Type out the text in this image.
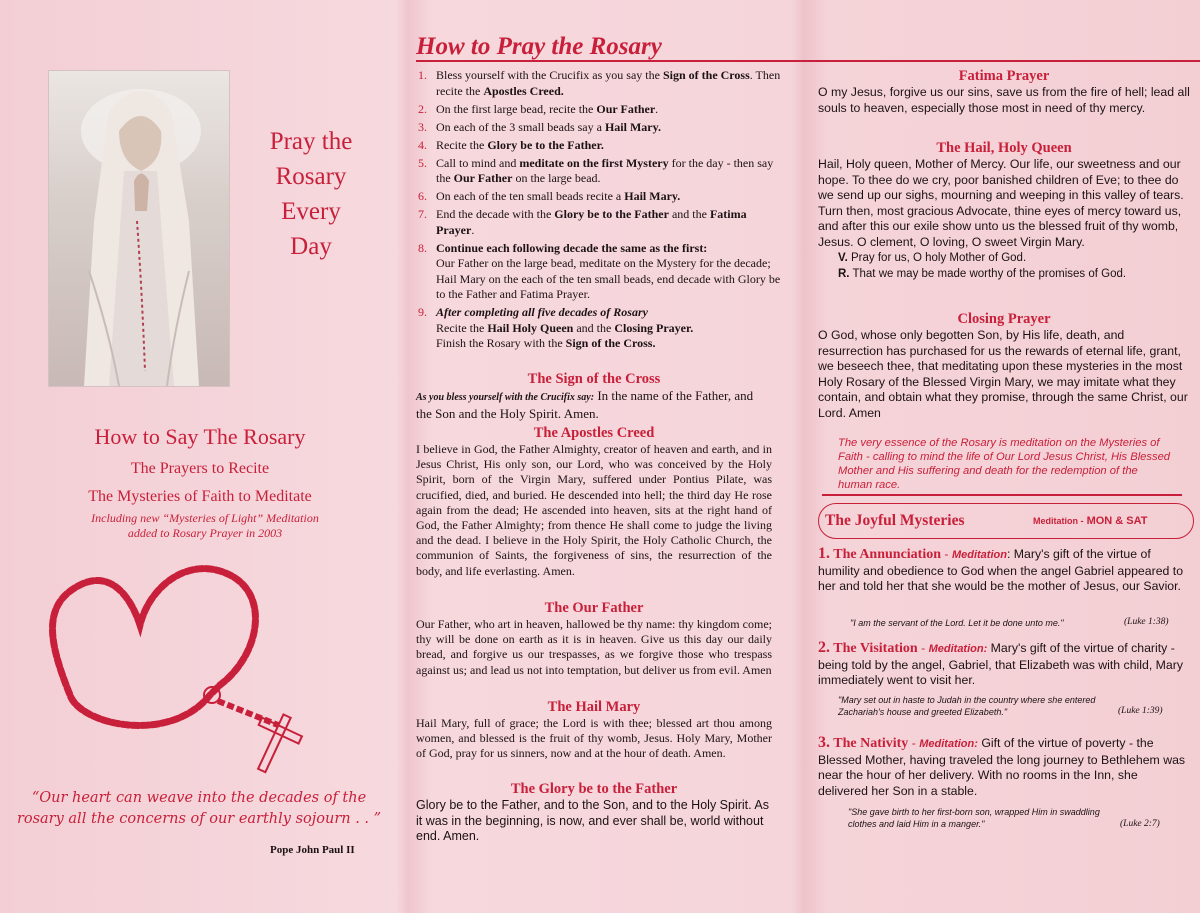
Pray the
Rosary
Every
Day
How to Say The Rosary
The Prayers to Recite
The Mysteries of Faith to Meditate
Including new “Mysteries of Light” Meditation
added to Rosary Prayer in 2003
“Our heart can weave into the decades of the
rosary all the concerns of our earthly sojourn . . ”
Pope John Paul II
How to Pray the Rosary
1. Bless yourself with the Crucifix as you say the Sign of the Cross. Then recite the Apostles Creed.
2. On the first large bead, recite the Our Father.
3. On each of the 3 small beads say a Hail Mary.
4. Recite the Glory be to the Father.
5. Call to mind and meditate on the first Mystery for the day - then say the Our Father on the large bead.
6. On each of the ten small beads recite a Hail Mary.
7. End the decade with the Glory be to the Father and the Fatima Prayer.
8. Continue each following decade the same as the first:
Our Father on the large bead, meditate on the Mystery for the decade; Hail Mary on the each of the ten small beads, end decade with Glory be to the Father and Fatima Prayer.
9. After completing all five decades of Rosary
Recite the Hail Holy Queen and the Closing Prayer.
Finish the Rosary with the Sign of the Cross.
The Sign of the Cross
As you bless yourself with the Crucifix say: In the name of the Father, and the Son and the Holy Spirit. Amen.
The Apostles Creed
I believe in God, the Father Almighty, creator of heaven and earth, and in Jesus Christ, His only son, our Lord, who was conceived by the Holy Spirit, born of the Virgin Mary, suffered under Pontius Pilate, was crucified, died, and buried. He descended into hell; the third day He rose again from the dead; He ascended into heaven, sits at the right hand of God, the Father Almighty; from thence He shall come to judge the living and the dead. I believe in the Holy Spirit, the Holy Catholic Church, the communion of Saints, the forgiveness of sins, the resurrection of the body, and life everlasting. Amen.
The Our Father
Our Father, who art in heaven, hallowed be thy name: thy kingdom come; thy will be done on earth as it is in heaven. Give us this day our daily bread, and forgive us our trespasses, as we forgive those who trespass against us; and lead us not into temptation, but deliver us from evil. Amen
The Hail Mary
Hail Mary, full of grace; the Lord is with thee; blessed art thou among women, and blessed is the fruit of thy womb, Jesus. Holy Mary, Mother of God, pray for us sinners, now and at the hour of death. Amen.
The Glory be to the Father
Glory be to the Father, and to the Son, and to the Holy Spirit. As it was in the beginning, is now, and ever shall be, world without end. Amen.
Fatima Prayer
O my Jesus, forgive us our sins, save us from the fire of hell; lead all souls to heaven, especially those most in need of thy mercy.
The Hail, Holy Queen
Hail, Holy queen, Mother of Mercy. Our life, our sweetness and our hope. To thee do we cry, poor banished children of Eve; to thee do we send up our sighs, mourning and weeping in this valley of tears. Turn then, most gracious Advocate, thine eyes of mercy toward us, and after this our exile show unto us the blessed fruit of thy womb, Jesus. O clement, O loving, O sweet Virgin Mary.
V. Pray for us, O holy Mother of God.
R. That we may be made worthy of the promises of God.
Closing Prayer
O God, whose only begotten Son, by His life, death, and resurrection has purchased for us the rewards of eternal life, grant, we beseech thee, that meditating upon these mysteries in the most Holy Rosary of the Blessed Virgin Mary, we may imitate what they contain, and obtain what they promise, through the same Christ, our Lord. Amen
The very essence of the Rosary is meditation on the Mysteries of Faith - calling to mind the life of Our Lord Jesus Christ, His Blessed Mother and His suffering and death for the redemption of the human race.
The Joyful Mysteries	Meditation - MON & SAT
1. The Annunciation - Meditation: Mary's gift of the virtue of humility and obedience to God when the angel Gabriel appeared to her and told her that she would be the mother of Jesus, our Savior.
"I am the servant of the Lord. Let it be done unto me."	(Luke 1:38)
2. The Visitation - Meditation: Mary's gift of the virtue of charity - being told by the angel, Gabriel, that Elizabeth was with child, Mary immediately went to visit her.
"Mary set out in haste to Judah in the country where she entered Zachariah's house and greeted Elizabeth."	(Luke 1:39)
3. The Nativity - Meditation: Gift of the virtue of poverty - the Blessed Mother, having traveled the long journey to Bethlehem was near the hour of her delivery. With no rooms in the Inn, she delivered her Son in a stable.
"She gave birth to her first-born son, wrapped Him in swaddling clothes and laid Him in a manger."	(Luke 2:7)
